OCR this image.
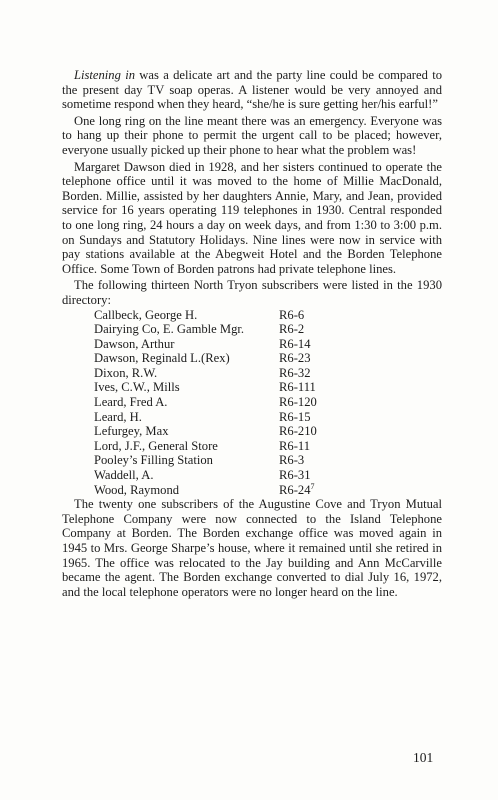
Listening in was a delicate art and the party line could be compared to the present day TV soap operas. A listener would be very annoyed and sometime respond when they heard, “she/he is sure getting her/his earful!”

One long ring on the line meant there was an emergency. Everyone was to hang up their phone to permit the urgent call to be placed; however, everyone usually picked up their phone to hear what the problem was!

Margaret Dawson died in 1928, and her sisters continued to operate the telephone office until it was moved to the home of Millie MacDonald, Borden. Millie, assisted by her daughters Annie, Mary, and Jean, provided service for 16 years operating 119 telephones in 1930. Central responded to one long ring, 24 hours a day on week days, and from 1:30 to 3:00 p.m. on Sundays and Statutory Holidays. Nine lines were now in service with pay stations available at the Abegweit Hotel and the Borden Telephone Office. Some Town of Borden patrons had private telephone lines.

The following thirteen North Tryon subscribers were listed in the 1930 directory:

Callbeck, George H.	R6-6
Dairying Co, E. Gamble Mgr.	R6-2
Dawson, Arthur	R6-14
Dawson, Reginald L.(Rex)	R6-23
Dixon, R.W.	R6-32
Ives, C.W., Mills	R6-111
Leard, Fred A.	R6-120
Leard, H.	R6-15
Lefurgey, Max	R6-210
Lord, J.F., General Store	R6-11
Pooley’s Filling Station	R6-3
Waddell, A.	R6-31
Wood, Raymond	$R6-24^7$

The twenty one subscribers of the Augustine Cove and Tryon Mutual Telephone Company were now connected to the Island Telephone Company at Borden. The Borden exchange office was moved again in 1945 to Mrs. George Sharpe’s house, where it remained until she retired in 1965. The office was relocated to the Jay building and Ann McCarville became the agent. The Borden exchange converted to dial July 16, 1972, and the local telephone operators were no longer heard on the line.

101
